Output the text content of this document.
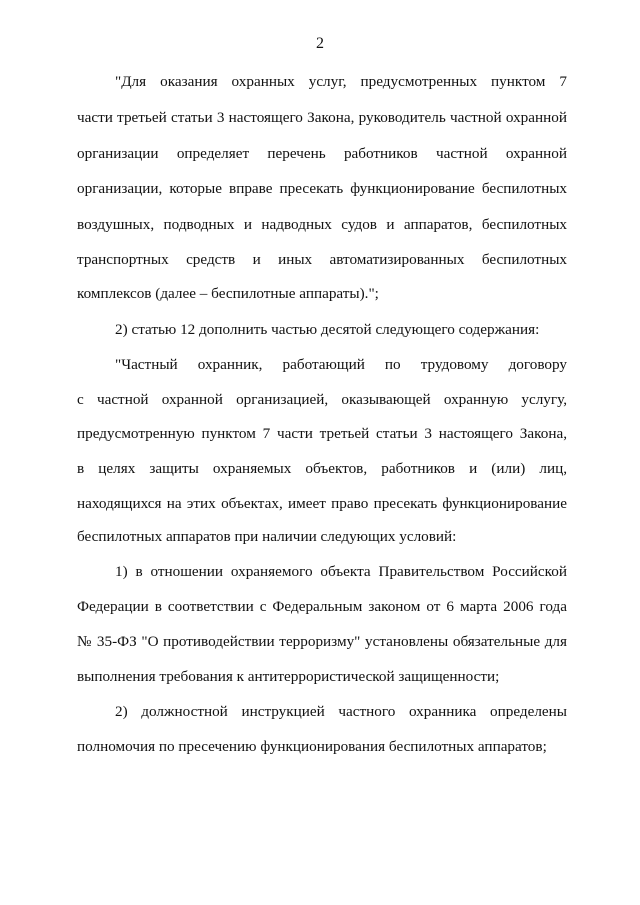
2
"Для оказания охранных услуг, предусмотренных пунктом 7
части третьей статьи 3 настоящего Закона, руководитель частной охранной
организации определяет перечень работников частной охранной
организации, которые вправе пресекать функционирование беспилотных
воздушных, подводных и надводных судов и аппаратов, беспилотных
транспортных средств и иных автоматизированных беспилотных
комплексов (далее – беспилотные аппараты).";
2) статью 12 дополнить частью десятой следующего содержания:
"Частный охранник, работающий по трудовому договору
с частной охранной организацией, оказывающей охранную услугу,
предусмотренную пунктом 7 части третьей статьи 3 настоящего Закона,
в целях защиты охраняемых объектов, работников и (или) лиц,
находящихся на этих объектах, имеет право пресекать функционирование
беспилотных аппаратов при наличии следующих условий:
1) в отношении охраняемого объекта Правительством Российской
Федерации в соответствии с Федеральным законом от 6 марта 2006 года
№ 35-ФЗ "О противодействии терроризму" установлены обязательные для
выполнения требования к антитеррористической защищенности;
2) должностной инструкцией частного охранника определены
полномочия по пресечению функционирования беспилотных аппаратов;
